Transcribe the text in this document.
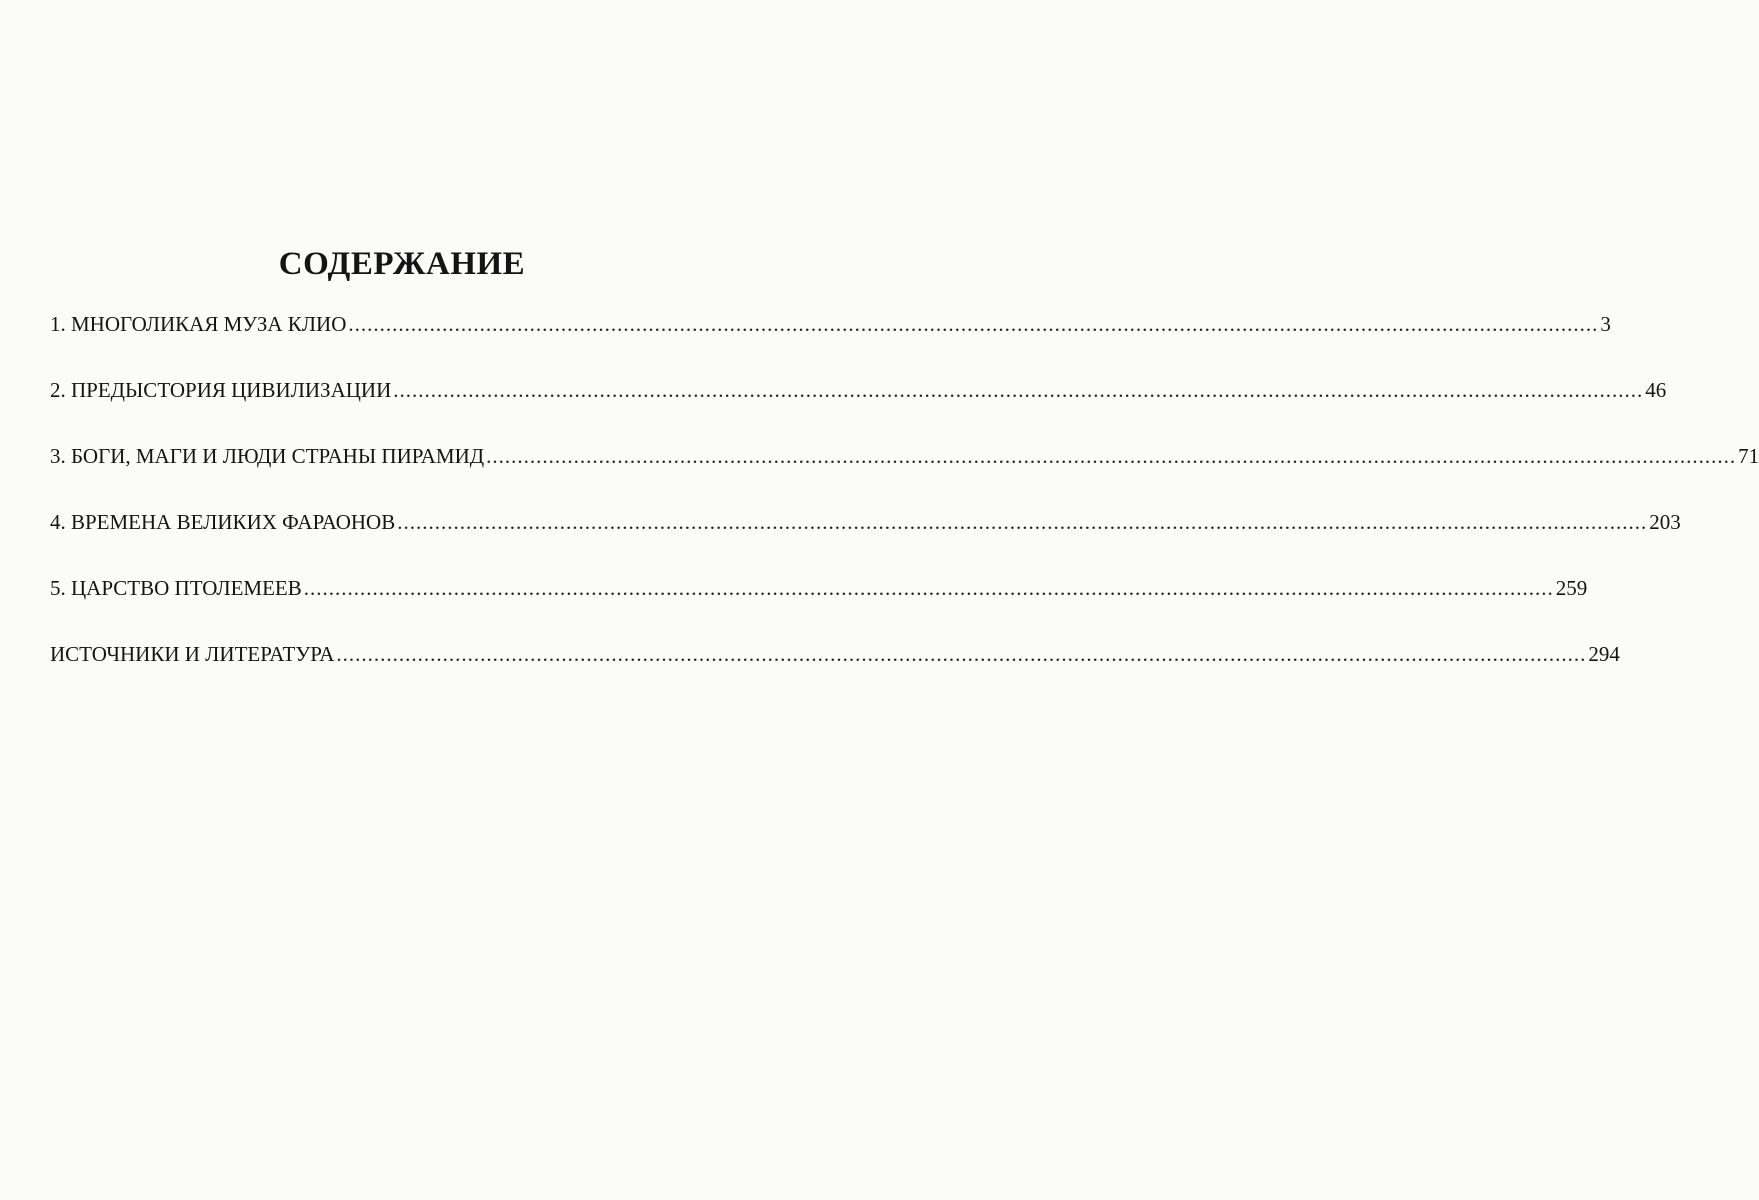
СОДЕРЖАНИЕ
1. МНОГОЛИКАЯ МУЗА КЛИО ........................................................................................................................................................................................................ 3
2. ПРЕДЫСТОРИЯ ЦИВИЛИЗАЦИИ ........................................................................................................................................................................................................ 46
3. БОГИ, МАГИ И ЛЮДИ СТРАНЫ ПИРАМИД ........................................................................................................................................................................................................ 71
4. ВРЕМЕНА ВЕЛИКИХ ФАРАОНОВ ........................................................................................................................................................................................................ 203
5. ЦАРСТВО ПТОЛЕМЕЕВ ........................................................................................................................................................................................................ 259
ИСТОЧНИКИ И ЛИТЕРАТУРА ........................................................................................................................................................................................................ 294
